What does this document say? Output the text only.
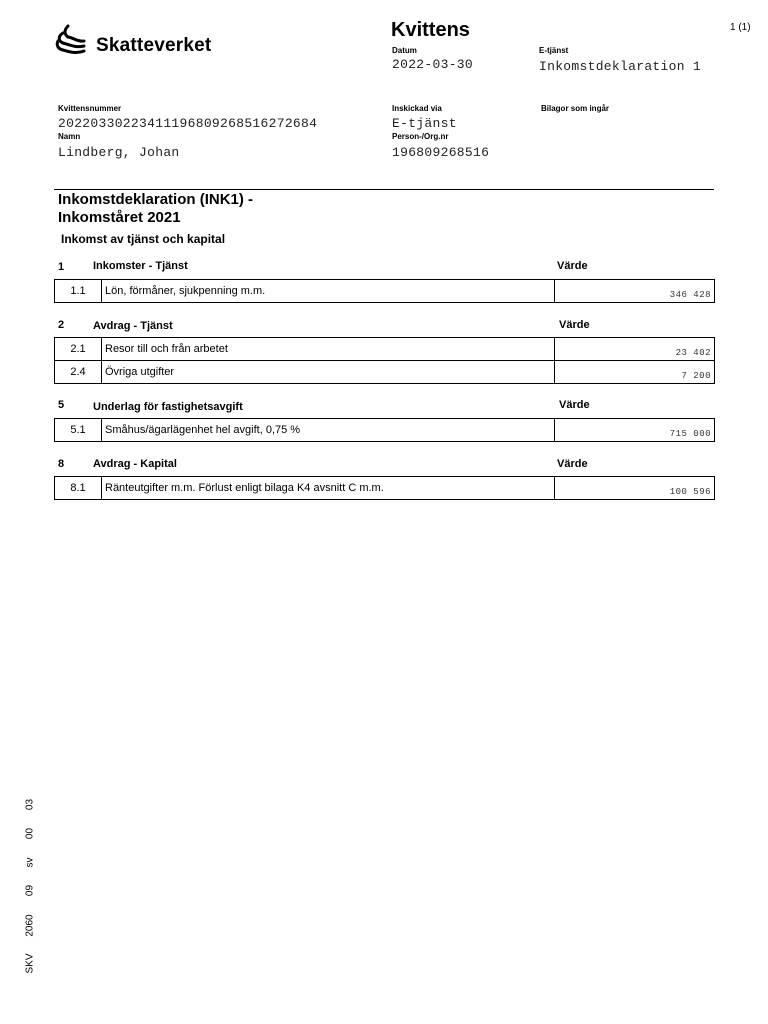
Skatteverket
Kvittens	1 (1)
Datum
2022-03-30
E-tjänst
Inkomstdeklaration 1
Kvittensnummer
20220330223411196809268516272684
Inskickad via
E-tjänst
Bilagor som ingår
Namn
Lindberg, Johan
Person-/Org.nr
196809268516
Inkomstdeklaration (INK1) -
Inkomståret 2021
Inkomst av tjänst och kapital
1	Inkomster - Tjänst	Värde
1.1	Lön, förmåner, sjukpenning m.m.	346 428
2	Avdrag - Tjänst	Värde
2.1	Resor till och från arbetet	23 402
2.4	Övriga utgifter	7 200
5	Underlag för fastighetsavgift	Värde
5.1	Småhus/ägarlägenhet hel avgift, 0,75 %	715 000
8	Avdrag - Kapital	Värde
8.1	Ränteutgifter m.m. Förlust enligt bilaga K4 avsnitt C m.m.	100 596
SKV
2060
09
sv
00
03
